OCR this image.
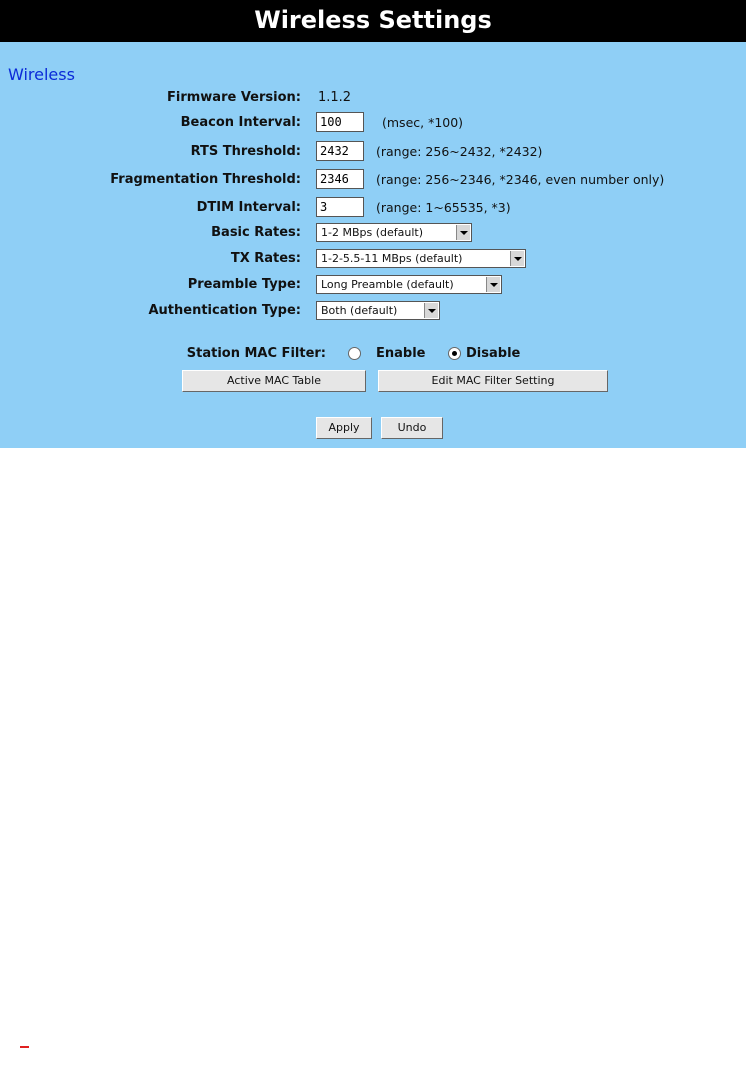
Wireless Settings
Wireless
Firmware Version: 1.1.2
Beacon Interval:	100	(msec, *100)
RTS Threshold:	2432	(range: 256~2432, *2432)
Fragmentation Threshold:	2346	(range: 256~2346, *2346, even number only)
DTIM Interval:	3	(range: 1~65535, *3)
Basic Rates:	1-2 MBps (default)
TX Rates:	1-2-5.5-11 MBps (default)
Preamble Type:	Long Preamble (default)
Authentication Type:	Both (default)
Station MAC Filter:	Enable	Disable
Active MAC Table	Edit MAC Filter Setting
Apply	Undo
